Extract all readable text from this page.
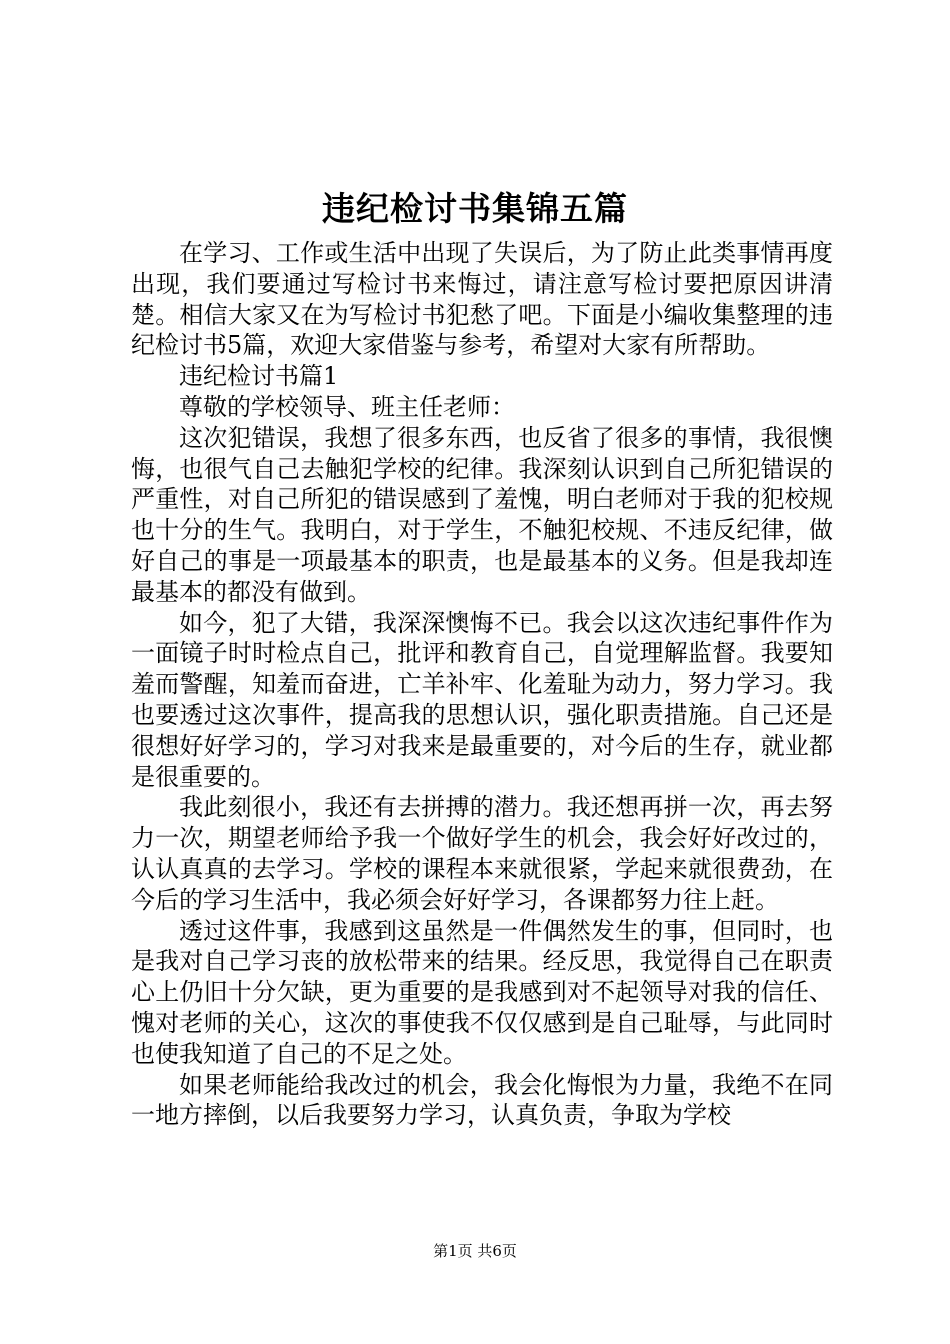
违纪检讨书集锦五篇

在学习、工作或生活中出现了失误后，为了防止此类事情再度出现，我们要通过写检讨书来悔过，请注意写检讨要把原因讲清楚。相信大家又在为写检讨书犯愁了吧。下面是小编收集整理的违纪检讨书5篇，欢迎大家借鉴与参考，希望对大家有所帮助。

违纪检讨书篇1

尊敬的学校领导、班主任老师：

这次犯错误，我想了很多东西，也反省了很多的事情，我很懊悔，也很气自己去触犯学校的纪律。我深刻认识到自己所犯错误的严重性，对自己所犯的错误感到了羞愧，明白老师对于我的犯校规也十分的生气。我明白，对于学生，不触犯校规、不违反纪律，做好自己的事是一项最基本的职责，也是最基本的义务。但是我却连最基本的都没有做到。

如今，犯了大错，我深深懊悔不已。我会以这次违纪事件作为一面镜子时时检点自己，批评和教育自己，自觉理解监督。我要知羞而警醒，知羞而奋进，亡羊补牢、化羞耻为动力，努力学习。我也要透过这次事件，提高我的思想认识，强化职责措施。自己还是很想好好学习的，学习对我来是最重要的，对今后的生存，就业都是很重要的。

我此刻很小，我还有去拼搏的潜力。我还想再拼一次，再去努力一次，期望老师给予我一个做好学生的机会，我会好好改过的，认认真真的去学习。学校的课程本来就很紧，学起来就很费劲，在今后的学习生活中，我必须会好好学习，各课都努力往上赶。

透过这件事，我感到这虽然是一件偶然发生的事，但同时，也是我对自己学习丧的放松带来的结果。经反思，我觉得自己在职责心上仍旧十分欠缺，更为重要的是我感到对不起领导对我的信任、愧对老师的关心，这次的事使我不仅仅感到是自己耻辱，与此同时也使我知道了自己的不足之处。

如果老师能给我改过的机会，我会化悔恨为力量，我绝不在同一地方摔倒，以后我要努力学习，认真负责，争取为学校

第1页 共6页
